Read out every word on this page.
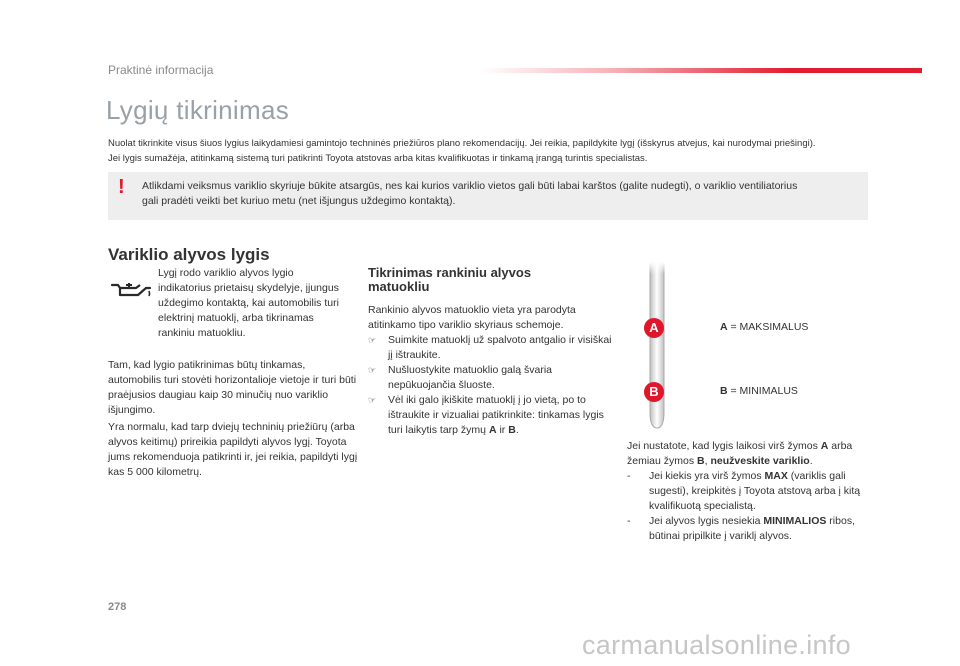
Praktinė informacija
Lygių tikrinimas

Nuolat tikrinkite visus šiuos lygius laikydamiesi gamintojo techninės priežiūros plano rekomendacijų. Jei reikia, papildykite lygį (išskyrus atvejus, kai nurodymai priešingi).

Jei lygis sumažėja, atitinkamą sistemą turi patikrinti Toyota atstovas arba kitas kvalifikuotas ir tinkamą įrangą turintis specialistas.

! Atlikdami veiksmus variklio skyriuje būkite atsargūs, nes kai kurios variklio vietos gali būti labai karštos (galite nudegti), o variklio ventiliatorius
gali pradėti veikti bet kuriuo metu (net išjungus uždegimo kontaktą).
Variklio alyvos lygis
Lygį rodo variklio alyvos lygio indikatorius prietaisų skydelyje, įjungus uždegimo kontaktą, kai automobilis turi elektrinį matuoklį, arba tikrinamas rankiniu matuokliu.
Tam, kad lygio patikrinimas būtų tinkamas, automobilis turi stovėti horizontalioje vietoje ir turi būti praėjusios daugiau kaip 30 minučių nuo variklio išjungimo.
Yra normalu, kad tarp dviejų techninių priežiūrų (arba alyvos keitimų) prireikia papildyti alyvos lygį. Toyota jums rekomenduoja patikrinti ir, jei reikia, papildyti lygį kas 5 000 kilometrų.
Tikrinimas rankiniu alyvos
matuokliu
Rankinio alyvos matuoklio vieta yra parodyta atitinkamo tipo variklio skyriaus schemoje.
☞ Suimkite matuoklį už spalvoto antgalio ir visiškai jį ištraukite.
☞ Nušluostykite matuoklio galą švaria nepūkuojančia šluoste.
☞ Vėl iki galo įkiškite matuoklį į jo vietą, po to ištraukite ir vizualiai patikrinkite: tinkamas lygis turi laikytis tarp žymų A ir B.
A
B
A = MAKSIMALUS
B = MINIMALUS
Jei nustatote, kad lygis laikosi virš žymos A arba žemiau žymos B, neužveskite variklio.
- Jei kiekis yra virš žymos MAX (variklis gali sugesti), kreipkitės į Toyota atstovą arba į kitą kvalifikuotą specialistą.
- Jei alyvos lygis nesiekia MINIMALIOS ribos, būtinai pripilkite į variklį alyvos.
278
carmanualsonline.info
